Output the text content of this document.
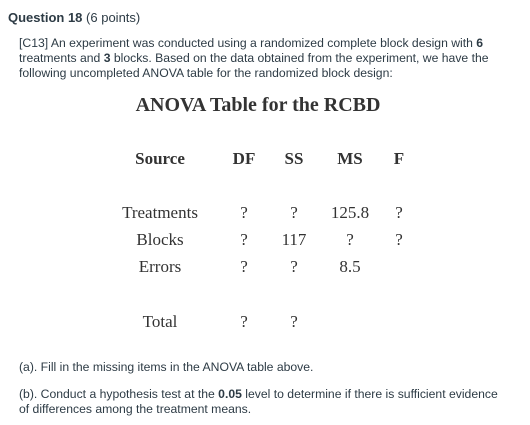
Question 18 (6 points)
[C13] An experiment was conducted using a randomized complete block design with 6 treatments and 3 blocks. Based on the data obtained from the experiment, we have the following uncompleted ANOVA table for the randomized block design:
ANOVA Table for the RCBD
Source	DF SS MS F
Treatments ? ? 125.8 ?
Blocks	? 117 ? ?
Errors	? ? 8.5
Total	? ?
(a). Fill in the missing items in the ANOVA table above.
(b). Conduct a hypothesis test at the 0.05 level to determine if there is sufficient evidence of differences among the treatment means.
